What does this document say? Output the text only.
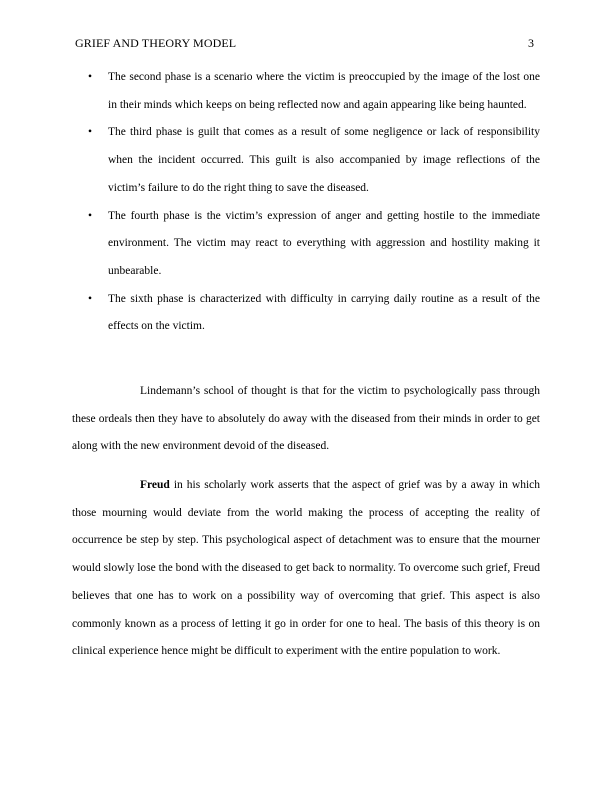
GRIEF AND THEORY MODEL	3
• The second phase is a scenario where the victim is preoccupied by the image of the lost one in their minds which keeps on being reflected now and again appearing like being haunted.
• The third phase is guilt that comes as a result of some negligence or lack of responsibility when the incident occurred. This guilt is also accompanied by image reflections of the victim’s failure to do the right thing to save the diseased.
• The fourth phase is the victim’s expression of anger and getting hostile to the immediate environment. The victim may react to everything with aggression and hostility making it unbearable.
• The sixth phase is characterized with difficulty in carrying daily routine as a result of the effects on the victim.

Lindemann’s school of thought is that for the victim to psychologically pass through these ordeals then they have to absolutely do away with the diseased from their minds in order to get along with the new environment devoid of the diseased.

Freud in his scholarly work asserts that the aspect of grief was by a away in which those mourning would deviate from the world making the process of accepting the reality of occurrence be step by step. This psychological aspect of detachment was to ensure that the mourner would slowly lose the bond with the diseased to get back to normality. To overcome such grief, Freud believes that one has to work on a possibility way of overcoming that grief. This aspect is also commonly known as a process of letting it go in order for one to heal. The basis of this theory is on clinical experience hence might be difficult to experiment with the entire population to work.
